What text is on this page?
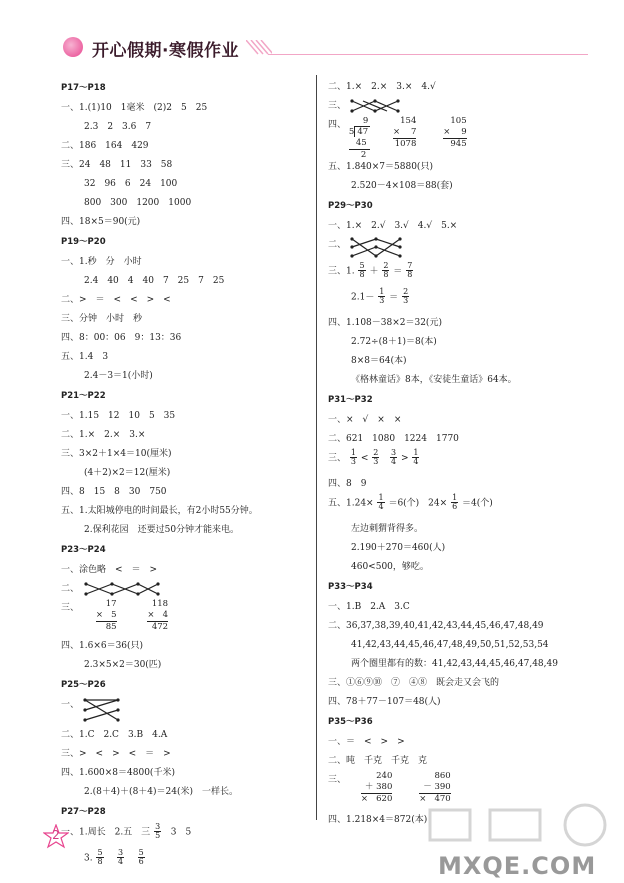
开心假期·寒假作业
P17～P18
一、1.(1)10　1毫米　(2)2　5　25
2.3　2　3.6　7
二、186　164　429
三、24　48　11　33　58
32　96　6　24　100
800　300　1200　1000
四、18×5＝90(元)
P19～P20
一、1.秒　分　小时
2.4　40　4　40　7　25　7　25
二、>　＝　<　<　>　<
三、分钟　小时　秒
四、8：00：06　9：13：36
五、1.4　3
2.4－3＝1(小时)
P21～P22
一、1.15　12　10　5　35
二、1.×　2.×　3.×
三、3×2＋1×4＝10(厘米)
(4＋2)×2＝12(厘米)
四、8　15　8　30　750
五、1.太阳城停电的时间最长，有2小时55分钟。
2.保利花园　还要过50分钟才能来电。
P23～P24
一、涂色略　<　＝　>
二、
三、	17
× 5
85

118
× 4
472
四、1.6×6＝36(只)
2.3×5×2＝30(匹)
P25～P26
一、
二、1.C　2.C　3.B　4.A
三、>　<　>　<　＝　>
四、1.600×8＝4800(千米)
2.(8＋4)＋(8＋4)＝24(米)　一样长。
P27～P28
一、1.周长　2.五　三 $\frac{3}{5} 3$　5
3. $\frac{5}{8}$
$\frac{3}{4}$
$\frac{5}{6}$
二、1.×　2.×　3.×　4.√
三、
四、	9
5 47
45
2

154
× 7
1078

105
× 9
945
五、1.840×7＝5880(只)
2.520－4×108＝88(套)
P29～P30
一、1.×　2.√　3.√　4.√　5.×
二、
三、1. $\frac{5}{8} + \frac{2}{8} = \frac{7}{8}$
$2.1- \frac{1}{3} = \frac{2}{3}$
四、1.108－38×2＝32(元)
2.72÷(8＋1)＝8(本)
8×8＝64(本)
《格林童话》8本，《安徒生童话》64本。
P31～P32
一、×　√　×　×
二、621　1080　1224　1770
三、 $\frac{1}{3} < \frac{2}{3}$
$\frac{3}{4} > \frac{1}{4}$
四、8　9
五、$1.24\times \frac{1}{4} =6$(个)　$24\times \frac{1}{6} =4$(个)
左边刺猬背得多。
2.190＋270＝460(人)
460<500，够吃。
P33～P34
一、1.B　2.A　3.C
二、36,37,38,39,40,41,42,43,44,45,46,47,48,49
41,42,43,44,45,46,47,48,49,50,51,52,53,54
两个圈里都有的数：41,42,43,44,45,46,47,48,49
三、①⑥⑨⑩　⑦　④⑧　既会走又会飞的
四、78＋77－107＝48(人)
P35～P36
一、＝　<　>　>
二、吨　千克　千克　克
三、	240
＋ 380
× 620

860
－ 390
× 470
四、1.218×4＝872(本)
2
MXQE.COM
